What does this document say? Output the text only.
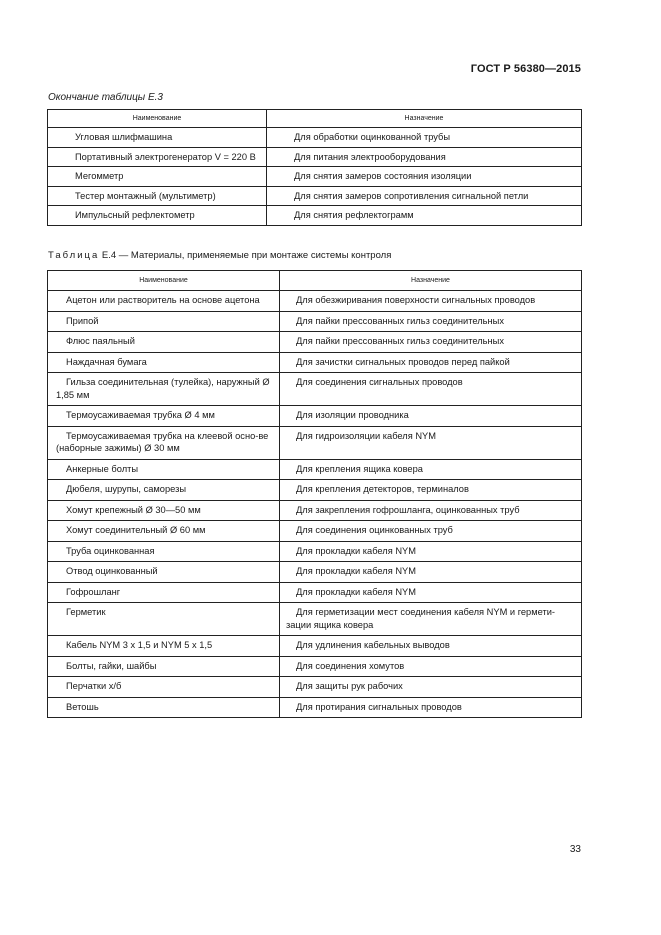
ГОСТ Р 56380—2015
Окончание таблицы Е.3
Наименование	Назначение

Угловая шлифмашина	Для обработки оцинкованной трубы

Портативный электрогенератор V = 220 В	Для питания электрооборудования

Мегомметр	Для снятия замеров состояния изоляции

Тестер монтажный (мультиметр)	Для снятия замеров сопротивления сигнальной петли

Импульсный рефлектометр	Для снятия рефлектограмм
Таблица Е.4 — Материалы, применяемые при монтаже системы контроля
Наименование	Назначение

Ацетон или растворитель на основе ацетона	Для обезжиривания поверхности сигнальных проводов

Припой	Для пайки прессованных гильз соединительных

Флюс паяльный	Для пайки прессованных гильз соединительных

Наждачная бумага	Для зачистки сигнальных проводов перед пайкой

Гильза соединительная (тулейка), наружный Ø 1,85 мм	Для соединения сигнальных проводов

Термоусаживаемая трубка Ø 4 мм	Для изоляции проводника

Термоусаживаемая трубка на клеевой осно-ве (наборные зажимы) Ø 30 мм	Для гидроизоляции кабеля NYM

Анкерные болты	Для крепления ящика ковера

Дюбеля, шурупы, саморезы	Для крепления детекторов, терминалов

Хомут крепежный Ø 30—50 мм	Для закрепления гофрошланга, оцинкованных труб

Хомут соединительный Ø 60 мм	Для соединения оцинкованных труб

Труба оцинкованная	Для прокладки кабеля NYM

Отвод оцинкованный	Для прокладки кабеля NYM

Гофрошланг	Для прокладки кабеля NYM

Герметик	Для герметизации мест соединения кабеля NYM и гермети-зации ящика ковера

Кабель NYM 3 х 1,5 и NYM 5 х 1,5	Для удлинения кабельных выводов

Болты, гайки, шайбы	Для соединения хомутов

Перчатки х/б	Для защиты рук рабочих

Ветошь	Для протирания сигнальных проводов
33
